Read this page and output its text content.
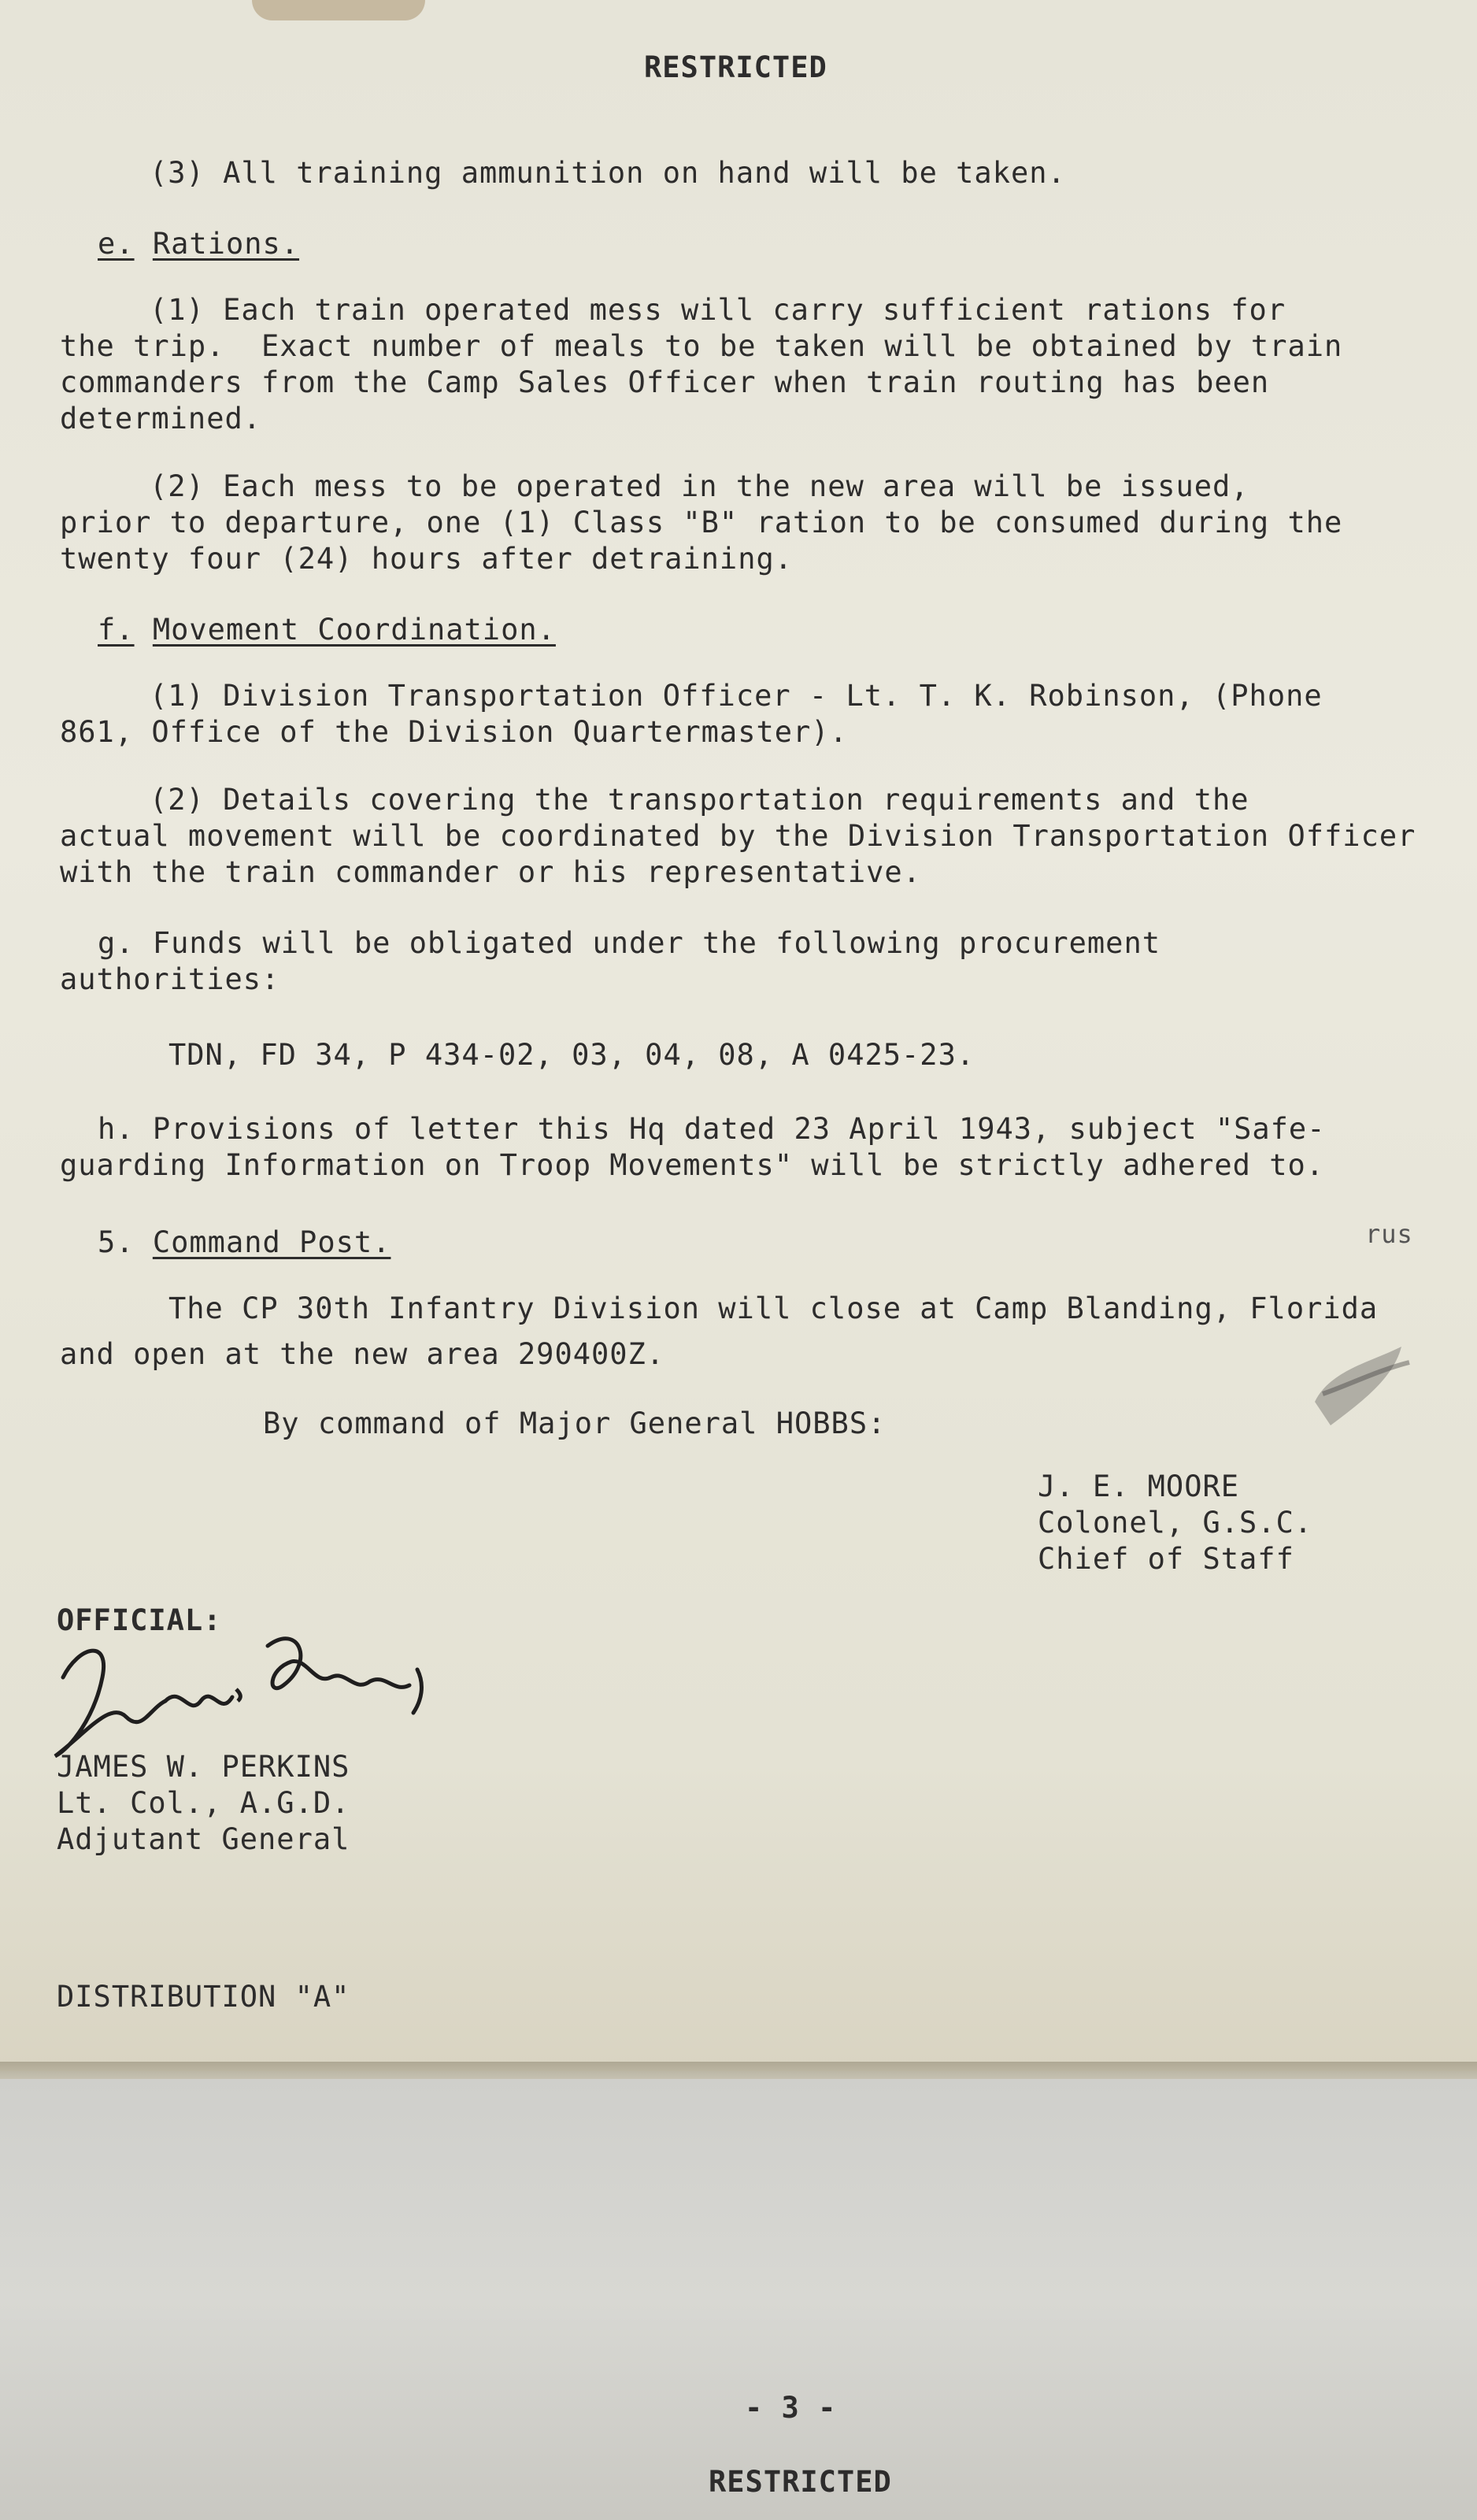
RESTRICTED
(3) All training ammunition on hand will be taken.
e. Rations.
(1) Each train operated mess will carry sufficient rations for
the trip.  Exact number of meals to be taken will be obtained by train
commanders from the Camp Sales Officer when train routing has been
determined.
(2) Each mess to be operated in the new area will be issued,
prior to departure, one (1) Class "B" ration to be consumed during the
twenty four (24) hours after detraining.
f. Movement Coordination.
(1) Division Transportation Officer - Lt. T. K. Robinson, (Phone
861, Office of the Division Quartermaster).
(2) Details covering the transportation requirements and the
actual movement will be coordinated by the Division Transportation Officer
with the train commander or his representative.
g. Funds will be obligated under the following procurement
authorities:
TDN, FD 34, P 434-02, 03, 04, 08, A 0425-23.
h. Provisions of letter this Hq dated 23 April 1943, subject "Safe-
guarding Information on Troop Movements" will be strictly adhered to.
5. Command Post.	rus
The CP 30th Infantry Division will close at Camp Blanding, Florida
and open at the new area 290400Z.
By command of Major General HOBBS:
J. E. MOORE
Colonel, G.S.C.
Chief of Staff
OFFICIAL:
JAMES W. PERKINS
Lt. Col., A.G.D.
Adjutant General
DISTRIBUTION "A"
- 3 -
RESTRICTED
